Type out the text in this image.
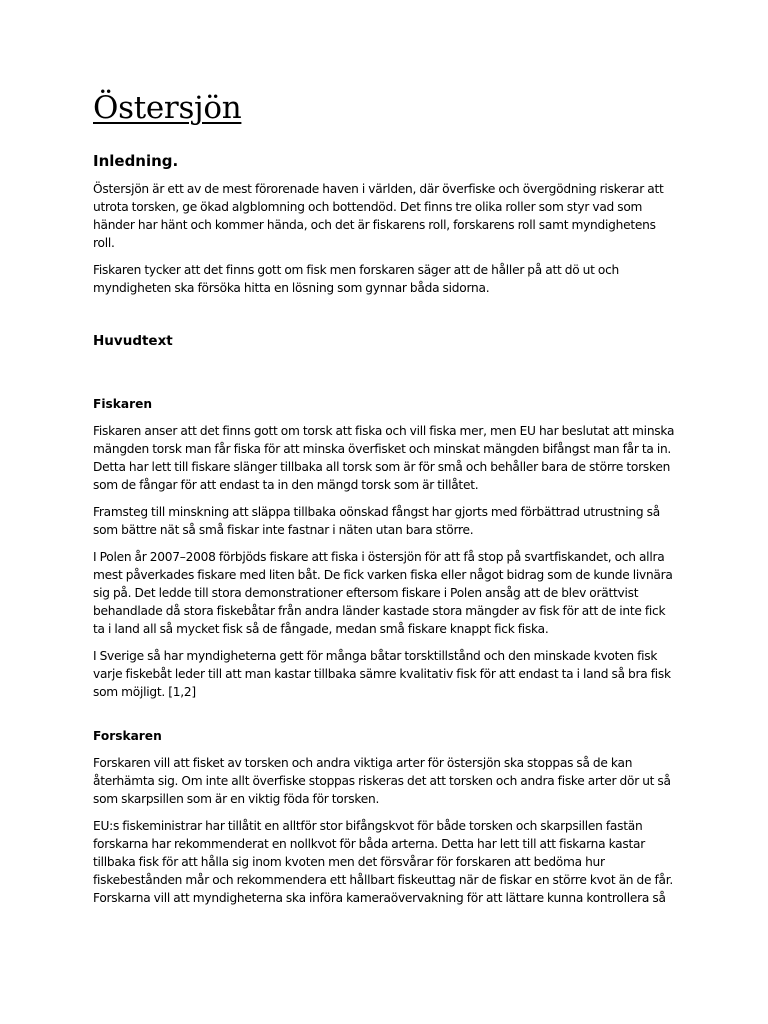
Östersjön
Inledning.

Östersjön är ett av de mest förorenade haven i världen, där överfiske och övergödning riskerar att utrota torsken, ge ökad algblomning och bottendöd. Det finns tre olika roller som styr vad som händer har hänt och kommer hända, och det är fiskarens roll, forskarens roll samt myndighetens roll.

Fiskaren tycker att det finns gott om fisk men forskaren säger att de håller på att dö ut och myndigheten ska försöka hitta en lösning som gynnar båda sidorna.

Huvudtext
Fiskaren

Fiskaren anser att det finns gott om torsk att fiska och vill fiska mer, men EU har beslutat att minska mängden torsk man får fiska för att minska överfisket och minskat mängden bifångst man får ta in. Detta har lett till fiskare slänger tillbaka all torsk som är för små och behåller bara de större torsken som de fångar för att endast ta in den mängd torsk som är tillåtet.

Framsteg till minskning att släppa tillbaka oönskad fångst har gjorts med förbättrad utrustning så som bättre nät så små fiskar inte fastnar i näten utan bara större.

I Polen år 2007–2008 förbjöds fiskare att fiska i östersjön för att få stop på svartfiskandet, och allra mest påverkades fiskare med liten båt. De fick varken fiska eller något bidrag som de kunde livnära sig på. Det ledde till stora demonstrationer eftersom fiskare i Polen ansåg att de blev orättvist behandlade då stora fiskebåtar från andra länder kastade stora mängder av fisk för att de inte fick ta i land all så mycket fisk så de fångade, medan små fiskare knappt fick fiska.

I Sverige så har myndigheterna gett för många båtar torsktillstånd och den minskade kvoten fisk varje fiskebåt leder till att man kastar tillbaka sämre kvalitativ fisk för att endast ta i land så bra fisk som möjligt. [1,2]

Forskaren

Forskaren vill att fisket av torsken och andra viktiga arter för östersjön ska stoppas så de kan återhämta sig. Om inte allt överfiske stoppas riskeras det att torsken och andra fiske arter dör ut så som skarpsillen som är en viktig föda för torsken.

EU:s fiskeministrar har tillåtit en alltför stor bifångskvot för både torsken och skarpsillen fastän forskarna har rekommenderat en nollkvot för båda arterna. Detta har lett till att fiskarna kastar tillbaka fisk för att hålla sig inom kvoten men det försvårar för forskaren att bedöma hur fiskebestånden mår och rekommendera ett hållbart fiskeuttag när de fiskar en större kvot än de får. Forskarna vill att myndigheterna ska införa kameraövervakning för att lättare kunna kontrollera så
